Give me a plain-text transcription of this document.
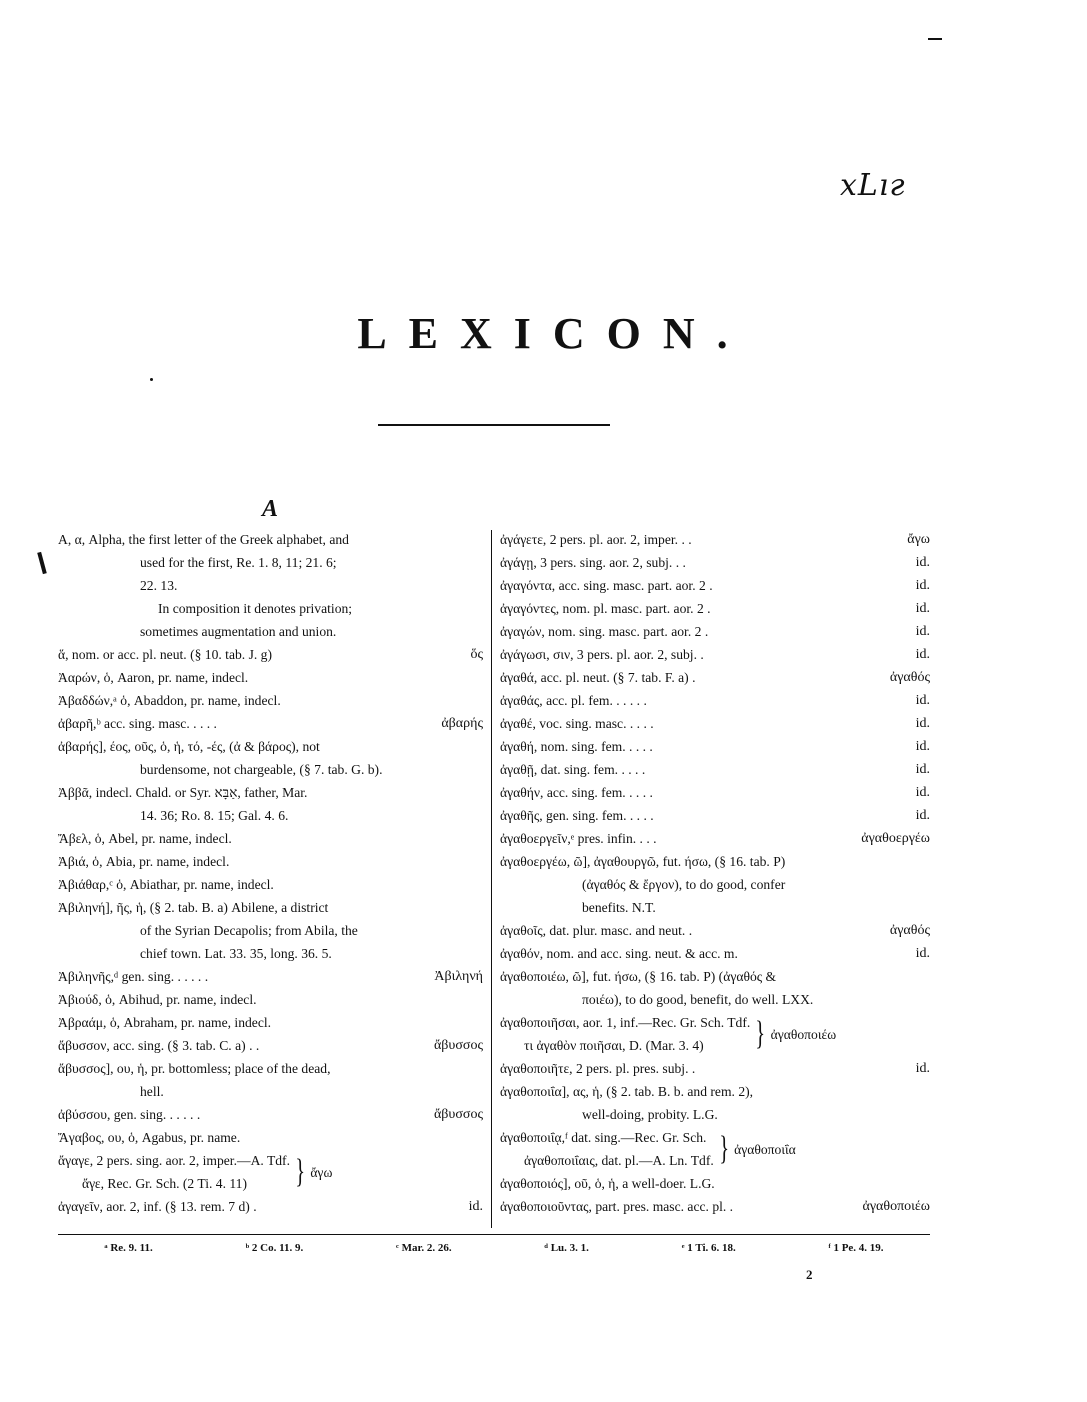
xLıг
LEXICON.
A
A, α, Alpha, the first letter of the Greek alphabet, and
used for the first, Re. 1. 8, 11; 21. 6;
22. 13.
In composition it denotes privation;
sometimes augmentation and union.
ἅ, nom. or acc. pl. neut. (§ 10. tab. J. g)	ὅς
Ἀαρών, ὁ, Aaron, pr. name, indecl.
Ἀβαδδών,ᵃ ὁ, Abaddon, pr. name, indecl.
ἀβαρῆ,ᵇ acc. sing. masc. . . . .	ἀβαρής
ἀβαρής], έος, οῦς, ὁ, ἡ, τό, -ές, (ἀ & βάρος), not
burdensome, not chargeable, (§ 7. tab. G. b).
Ἀββᾶ, indecl. Chald. or Syr. אַבָּא, father, Mar.
14. 36; Ro. 8. 15; Gal. 4. 6.
Ἄβελ, ὁ, Abel, pr. name, indecl.
Ἀβιά, ὁ, Abia, pr. name, indecl.
Ἀβιάθαρ,ᶜ ὁ, Abiathar, pr. name, indecl.
Ἀβιληνή], ῆς, ἡ, (§ 2. tab. B. a) Abilene, a district
of the Syrian Decapolis; from Abila, the
chief town. Lat. 33. 35, long. 36. 5.
Ἀβιληνῆς,ᵈ gen. sing. . . . . .	Ἀβιληνή
Ἀβιούδ, ὁ, Abihud, pr. name, indecl.
Ἀβραάμ, ὁ, Abraham, pr. name, indecl.
ἄβυσσον, acc. sing. (§ 3. tab. C. a) . .	ἄβυσσος
ἄβυσσος], ου, ἡ, pr. bottomless; place of the dead,
hell.
ἀβύσσου, gen. sing. . . . . .	ἄβυσσος
Ἄγαβος, ου, ὁ, Agabus, pr. name.
ἄγαγε, 2 pers. sing. aor. 2, imper.—A. Tdf.
ἄγε, Rec. Gr. Sch. (2 Ti. 4. 11)	} ἄγω
ἀγαγεῖν, aor. 2, inf. (§ 13. rem. 7 d) .	id.
ἀγάγετε, 2 pers. pl. aor. 2, imper. . .	ἄγω
ἀγάγῃ, 3 pers. sing. aor. 2, subj. . .	id.
ἀγαγόντα, acc. sing. masc. part. aor. 2 .	id.
ἀγαγόντες, nom. pl. masc. part. aor. 2 .	id.
ἀγαγών, nom. sing. masc. part. aor. 2 .	id.
ἀγάγωσι, σιν, 3 pers. pl. aor. 2, subj. .	id.
ἀγαθά, acc. pl. neut. (§ 7. tab. F. a) .	ἀγαθός
ἀγαθάς, acc. pl. fem. . . . . .	id.
ἀγαθέ, voc. sing. masc. . . . .	id.
ἀγαθή, nom. sing. fem. . . . .	id.
ἀγαθῇ, dat. sing. fem. . . . .	id.
ἀγαθήν, acc. sing. fem. . . . .	id.
ἀγαθῆς, gen. sing. fem. . . . .	id.
ἀγαθοεργεῖν,ᵉ pres. infin. . . .	ἀγαθοεργέω
ἀγαθοεργέω, ῶ], ἀγαθουργῶ, fut. ήσω, (§ 16. tab. P)
(ἀγαθός & ἔργον), to do good, confer
benefits. N.T.
ἀγαθοῖς, dat. plur. masc. and neut. .	ἀγαθός
ἀγαθόν, nom. and acc. sing. neut. & acc. m.	id.
ἀγαθοποιέω, ῶ], fut. ήσω, (§ 16. tab. P) (ἀγαθός &
ποιέω), to do good, benefit, do well. LXX.
ἀγαθοποιῆσαι, aor. 1, inf.—Rec. Gr. Sch. Tdf.
τι ἀγαθὸν ποιῆσαι, D. (Mar. 3. 4)	} ἀγαθοποιέω
ἀγαθοποιῆτε, 2 pers. pl. pres. subj. .	id.
ἀγαθοποιΐα], ας, ἡ, (§ 2. tab. B. b. and rem. 2),
well-doing, probity. L.G.
ἀγαθοποιΐᾳ,ᶠ dat. sing.—Rec. Gr. Sch.
ἀγαθοποιΐαις, dat. pl.—A. Ln. Tdf. } ἀγαθοποιΐα
ἀγαθοποιός], οῦ, ὁ, ἡ, a well-doer. L.G.
ἀγαθοποιοῦντας, part. pres. masc. acc. pl. .	ἀγαθοποιέω
ᵃ Re. 9. 11.	ᵇ 2 Co. 11. 9.	ᶜ Mar. 2. 26.	ᵈ Lu. 3. 1.	ᵉ 1 Ti. 6. 18.	ᶠ 1 Pe. 4. 19.
2
